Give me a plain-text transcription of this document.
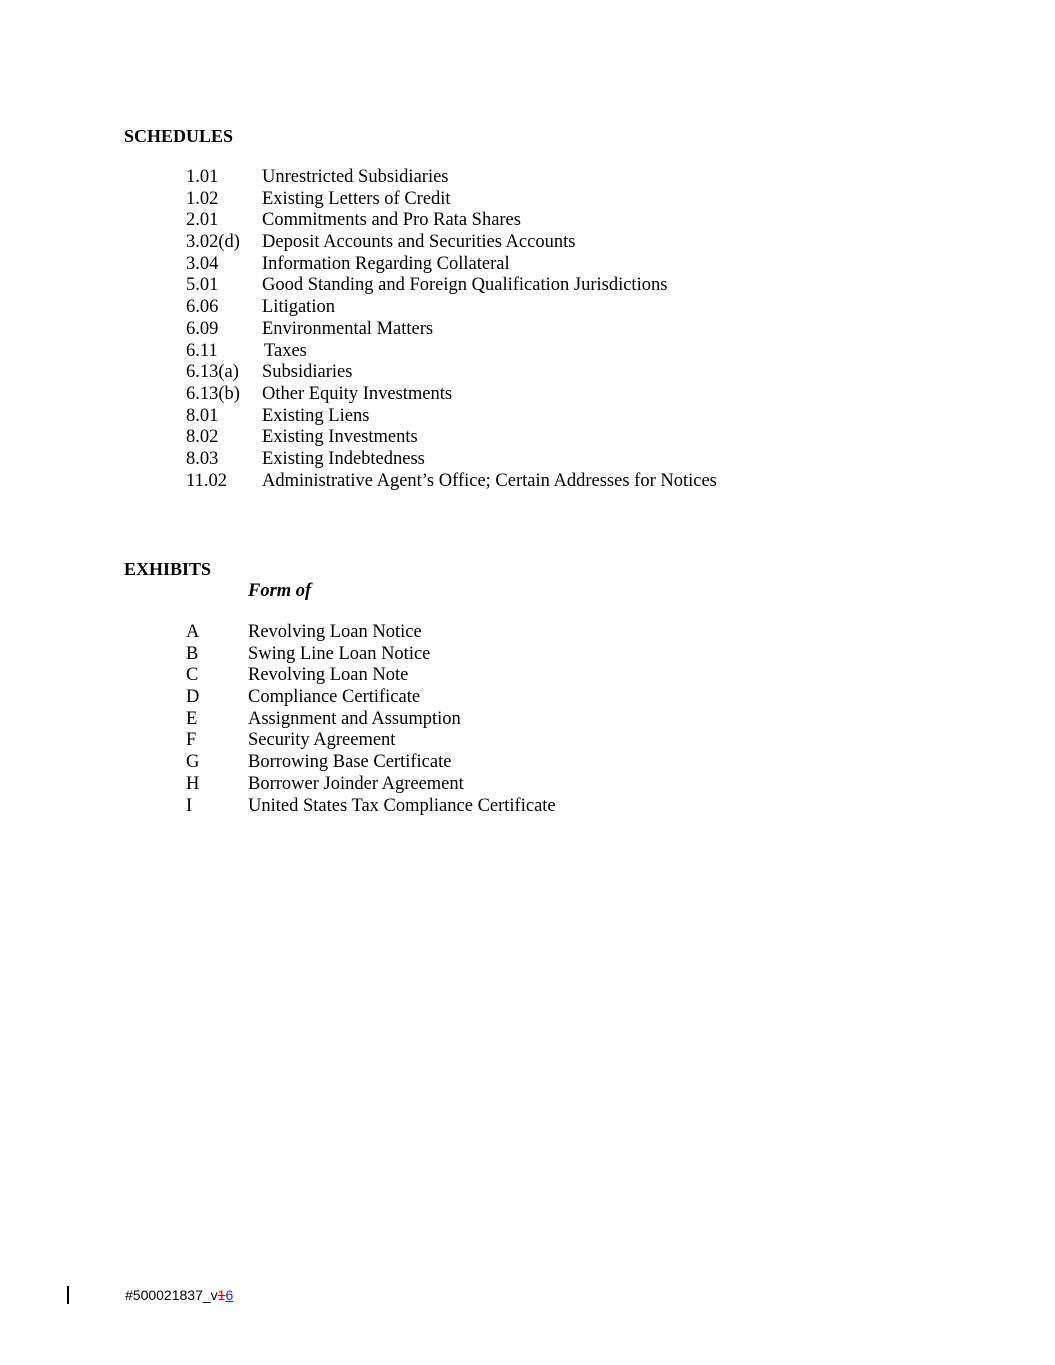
SCHEDULES
1.01 Unrestricted Subsidiaries
1.02 Existing Letters of Credit
2.01 Commitments and Pro Rata Shares
3.02(d) Deposit Accounts and Securities Accounts
3.04 Information Regarding Collateral
5.01 Good Standing and Foreign Qualification Jurisdictions
6.06 Litigation
6.09 Environmental Matters
6.11	Taxes
6.13(a) Subsidiaries
6.13(b) Other Equity Investments
8.01 Existing Liens
8.02 Existing Investments
8.03 Existing Indebtedness
11.02 Administrative Agent’s Office; Certain Addresses for Notices
EXHIBITS
Form of
A	Revolving Loan Notice
B	Swing Line Loan Notice
C	Revolving Loan Note
D	Compliance Certificate
E	Assignment and Assumption
F	Security Agreement
G	Borrowing Base Certificate
H	Borrower Joinder Agreement
I	United States Tax Compliance Certificate
#500021837_v16
